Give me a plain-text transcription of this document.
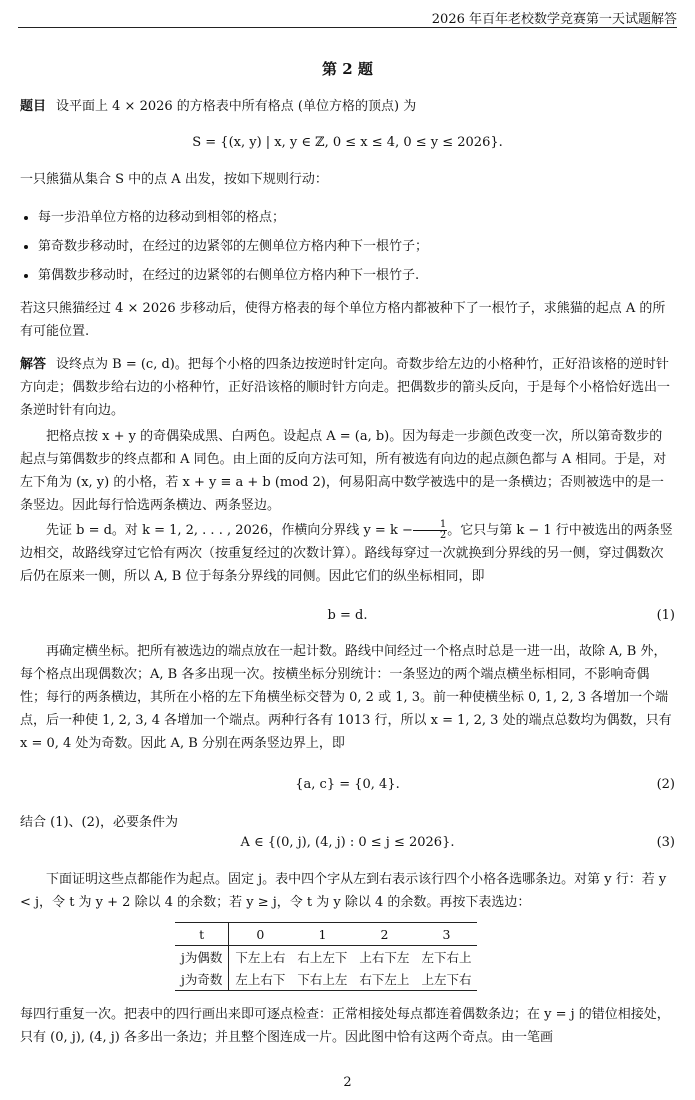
2026 年百年老校数学竞赛第一天试题解答
第 2 题

题目 设平面上 4 × 2026 的方格表中所有格点 (单位方格的顶点) 为

S = {(x, y) | x, y ∈ ℤ, 0 ≤ x ≤ 4, 0 ≤ y ≤ 2026}.

一只熊猫从集合 S 中的点 A 出发，按如下规则行动：

• 每一步沿单位方格的边移动到相邻的格点；
• 第奇数步移动时，在经过的边紧邻的左侧单位方格内种下一根竹子；
• 第偶数步移动时，在经过的边紧邻的右侧单位方格内种下一根竹子.

若这只熊猫经过 4 × 2026 步移动后，使得方格表的每个单位方格内都被种下了一根竹子，求熊猫的起点 A 的所有可能位置.

解答 设终点为 B = (c, d)。把每个小格的四条边按逆时针定向。奇数步给左边的小格种竹，正好沿该格的逆时针方向走；偶数步给右边的小格种竹，正好沿该格的顺时针方向走。把偶数步的箭头反向，于是每个小格恰好选出一条逆时针有向边。

把格点按 x + y 的奇偶染成黑、白两色。设起点 A = (a, b)。因为每走一步颜色改变一次，所以第奇数步的起点与第偶数步的终点都和 A 同色。由上面的反向方法可知，所有被选有向边的起点颜色都与 A 相同。于是，对左下角为 (x, y) 的小格，若 x + y ≡ a + b (mod 2)，何易阳高中数学被选中的是一条横边；否则被选中的是一条竖边。因此每行恰选两条横边、两条竖边。

先证 b = d。对 k = 1, 2, . . . , 2026，作横向分界线 $y = k - \frac{1}{2}$ 。它只与第 k − 1 行中被选出的两条竖边相交，故路线穿过它恰有两次（按重复经过的次数计算）。路线每穿过一次就换到分界线的另一侧，穿过偶数次后仍在原来一侧，所以 A, B 位于每条分界线的同侧。因此它们的纵坐标相同，即

b = d.	(1)

再确定横坐标。把所有被选边的端点放在一起计数。路线中间经过一个格点时总是一进一出，故除 A, B 外，每个格点出现偶数次；A, B 各多出现一次。按横坐标分别统计：一条竖边的两个端点横坐标相同，不影响奇偶性；每行的两条横边，其所在小格的左下角横坐标交替为 0, 2 或 1, 3。前一种使横坐标 0, 1, 2, 3 各增加一个端点，后一种使 1, 2, 3, 4 各增加一个端点。两种行各有 1013 行，所以 x = 1, 2, 3 处的端点总数均为偶数，只有 x = 0, 4 处为奇数。因此 A, B 分别在两条竖边界上，即

{a, c} = {0, 4}.	(2)

结合 (1)、(2)，必要条件为

A ∈ {(0, j), (4, j) : 0 ≤ j ≤ 2026}.	(3)

下面证明这些点都能作为起点。固定 j。表中四个字从左到右表示该行四个小格各选哪条边。对第 y 行：若 y < j，令 t 为 y + 2 除以 4 的余数；若 y ≥ j，令 t 为 y 除以 4 的余数。再按下表选边：

t	0	1	2	3
j为偶数	下左上右	右上左下	上右下左	左下右上
j为奇数	左上右下	下右上左	右下左上	上左下右

每四行重复一次。把表中的四行画出来即可逐点检查：正常相接处每点都连着偶数条边；在 y = j 的错位相接处，只有 (0, j), (4, j) 各多出一条边；并且整个图连成一片。因此图中恰有这两个奇点。由一笔画

2
